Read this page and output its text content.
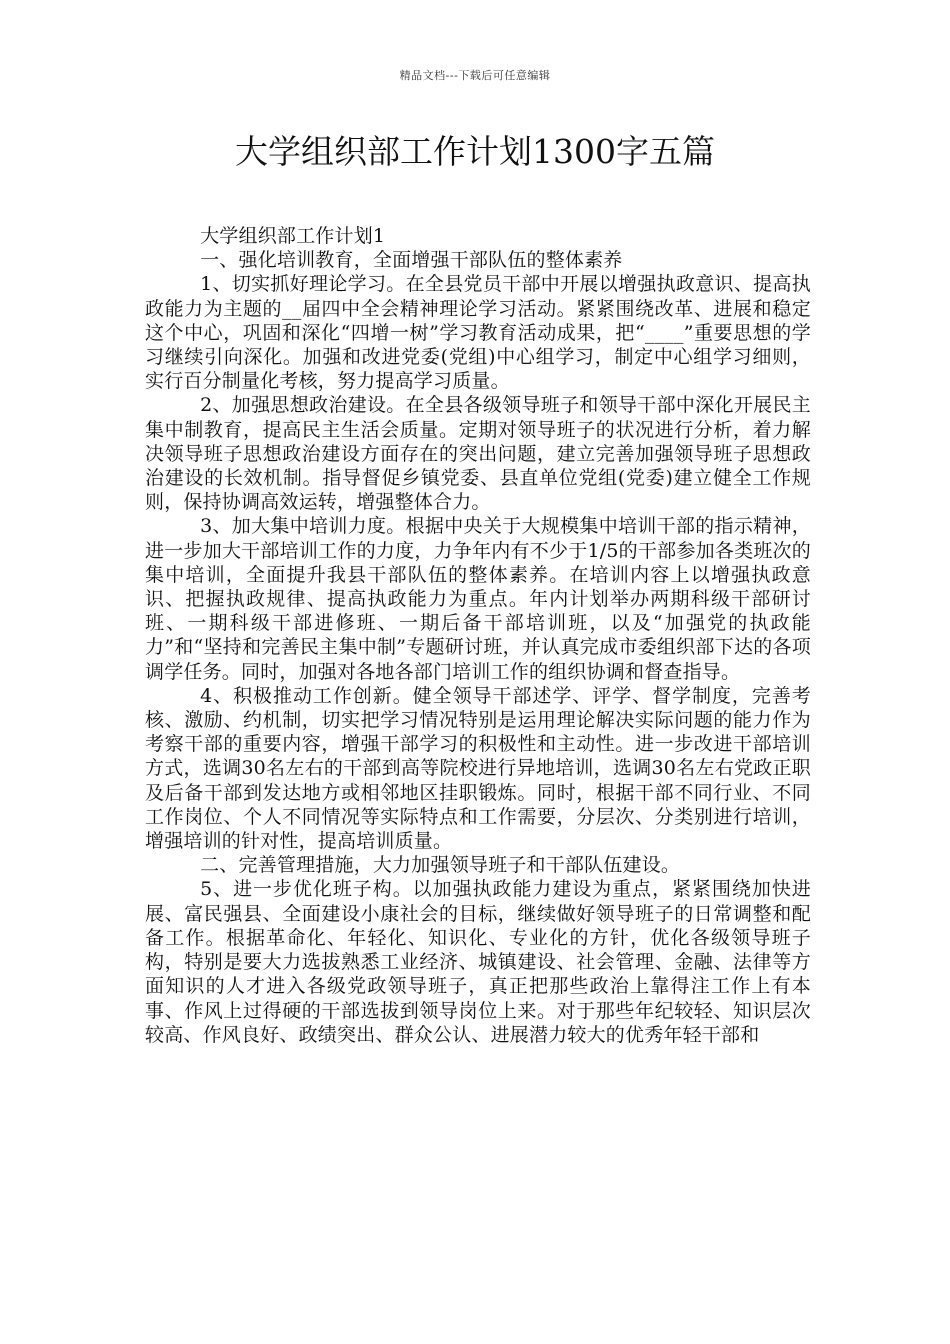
精品文档---下载后可任意编辑
大学组织部工作计划1300字五篇

大学组织部工作计划1

一、强化培训教育，全面增强干部队伍的整体素养

1、切实抓好理论学习。在全县党员干部中开展以增强执政意识、提高执政能力为主题的__届四中全会精神理论学习活动。紧紧围绕改革、进展和稳定这个中心，巩固和深化“四增一树”学习教育活动成果，把“____”重要思想的学习继续引向深化。加强和改进党委(党组)中心组学习，制定中心组学习细则，实行百分制量化考核，努力提高学习质量。

2、加强思想政治建设。在全县各级领导班子和领导干部中深化开展民主集中制教育，提高民主生活会质量。定期对领导班子的状况进行分析，着力解决领导班子思想政治建设方面存在的突出问题，建立完善加强领导班子思想政治建设的长效机制。指导督促乡镇党委、县直单位党组(党委)建立健全工作规则，保持协调高效运转，增强整体合力。

3、加大集中培训力度。根据中央关于大规模集中培训干部的指示精神，进一步加大干部培训工作的力度，力争年内有不少于1/5的干部参加各类班次的集中培训，全面提升我县干部队伍的整体素养。在培训内容上以增强执政意识、把握执政规律、提高执政能力为重点。年内计划举办两期科级干部研讨班、一期科级干部进修班、一期后备干部培训班，以及“加强党的执政能力”和“坚持和完善民主集中制”专题研讨班，并认真完成市委组织部下达的各项调学任务。同时，加强对各地各部门培训工作的组织协调和督查指导。

4、积极推动工作创新。健全领导干部述学、评学、督学制度，完善考核、激励、约机制，切实把学习情况特别是运用理论解决实际问题的能力作为考察干部的重要内容，增强干部学习的积极性和主动性。进一步改进干部培训方式，选调30名左右的干部到高等院校进行异地培训，选调30名左右党政正职及后备干部到发达地方或相邻地区挂职锻炼。同时，根据干部不同行业、不同工作岗位、个人不同情况等实际特点和工作需要，分层次、分类别进行培训，增强培训的针对性，提高培训质量。

二、完善管理措施，大力加强领导班子和干部队伍建设。

5、进一步优化班子构。以加强执政能力建设为重点，紧紧围绕加快进展、富民强县、全面建设小康社会的目标，继续做好领导班子的日常调整和配备工作。根据革命化、年轻化、知识化、专业化的方针，优化各级领导班子构，特别是要大力选拔熟悉工业经济、城镇建设、社会管理、金融、法律等方面知识的人才进入各级党政领导班子，真正把那些政治上靠得注工作上有本事、作风上过得硬的干部选拔到领导岗位上来。对于那些年纪较轻、知识层次较高、作风良好、政绩突出、群众公认、进展潜力较大的优秀年轻干部和
